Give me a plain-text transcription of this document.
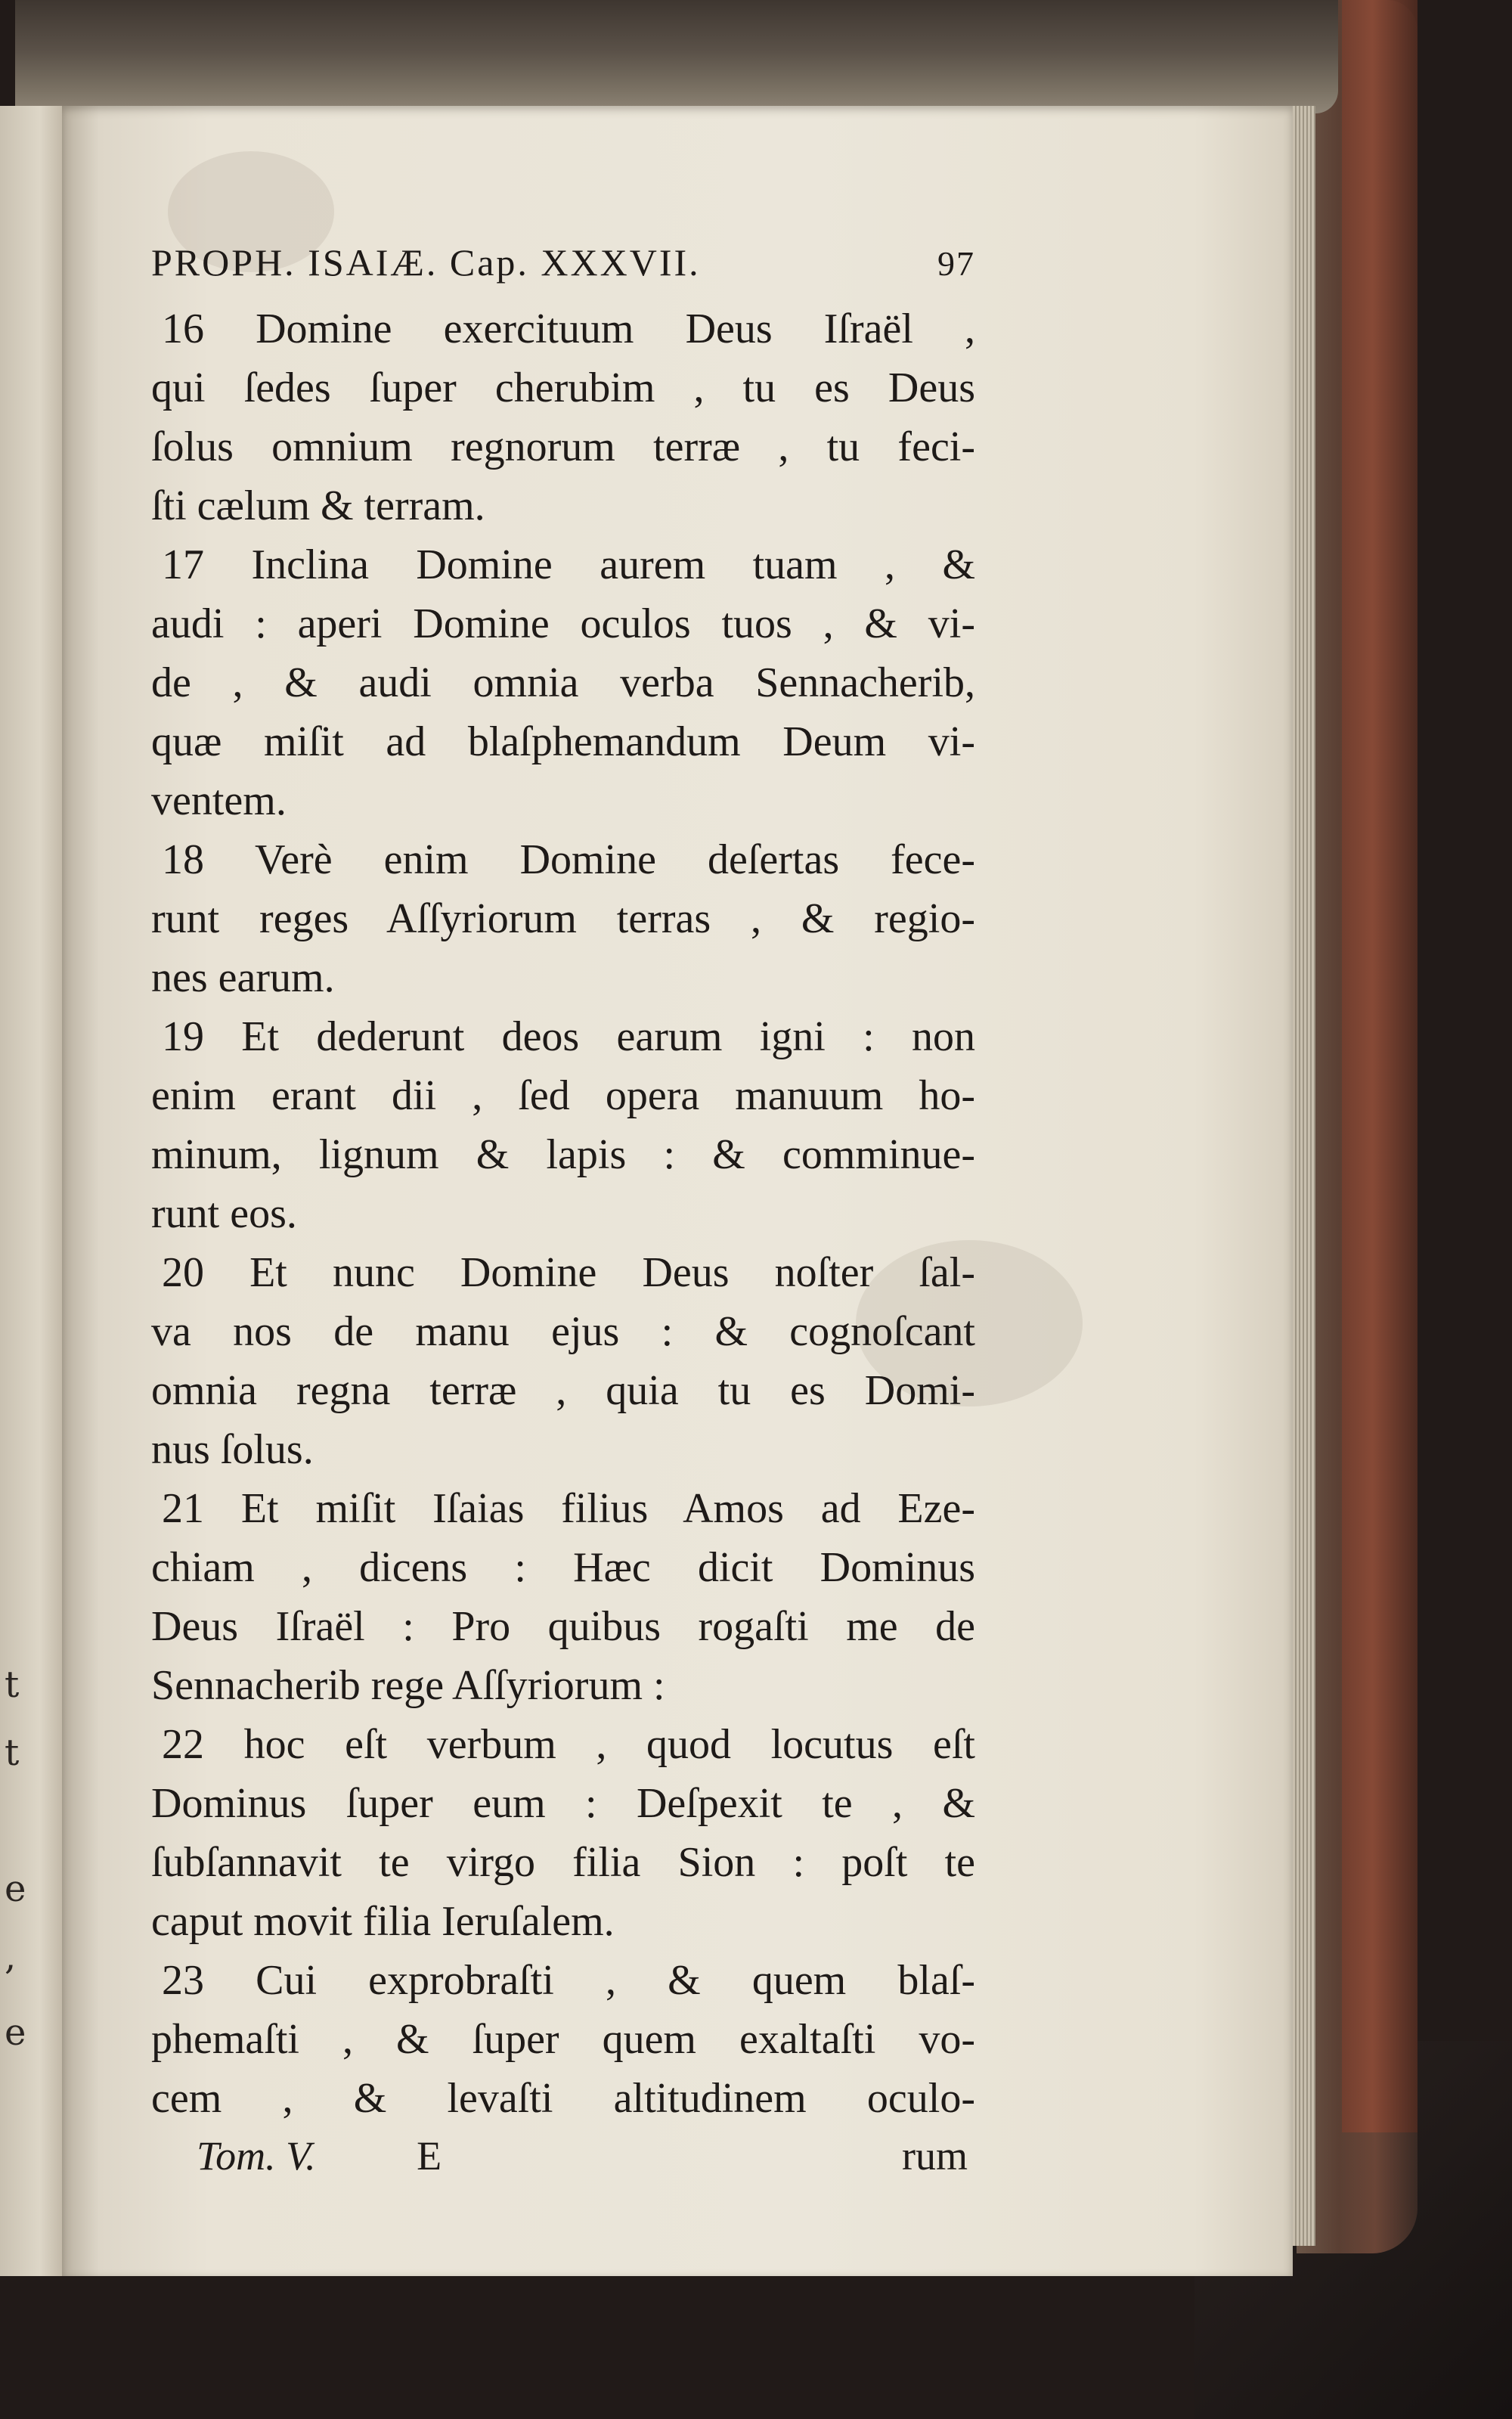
t
t
e
,
e
PROPH. ISAIÆ. Cap. XXXVII.	97
16 Domine exercituum Deus Iſraël ,
qui ſedes ſuper cherubim , tu es Deus
ſolus omnium regnorum terræ , tu feci-
ſti cælum & terram.
17 Inclina Domine aurem tuam , &
audi : aperi Domine oculos tuos , & vi-
de , & audi omnia verba Sennacherib,
quæ miſit ad blaſphemandum Deum vi-
ventem.
18 Verè enim Domine deſertas fece-
runt reges Aſſyriorum terras , & regio-
nes earum.
19 Et dederunt deos earum igni : non
enim erant dii , ſed opera manuum ho-
minum, lignum & lapis : & comminue-
runt eos.
20 Et nunc Domine Deus noſter ſal-
va nos de manu ejus : & cognoſcant
omnia regna terræ , quia tu es Domi-
nus ſolus.
21 Et miſit Iſaias filius Amos ad Eze-
chiam , dicens : Hæc dicit Dominus
Deus Iſraël : Pro quibus rogaſti me de
Sennacherib rege Aſſyriorum :
22 hoc eſt verbum , quod locutus eſt
Dominus ſuper eum : Deſpexit te , &
ſubſannavit te virgo filia Sion : poſt te
caput movit filia Ieruſalem.
23 Cui exprobraſti , & quem blaſ-
phemaſti , & ſuper quem exaltaſti vo-
cem , & levaſti altitudinem oculo-
Tom. V. E	rum
